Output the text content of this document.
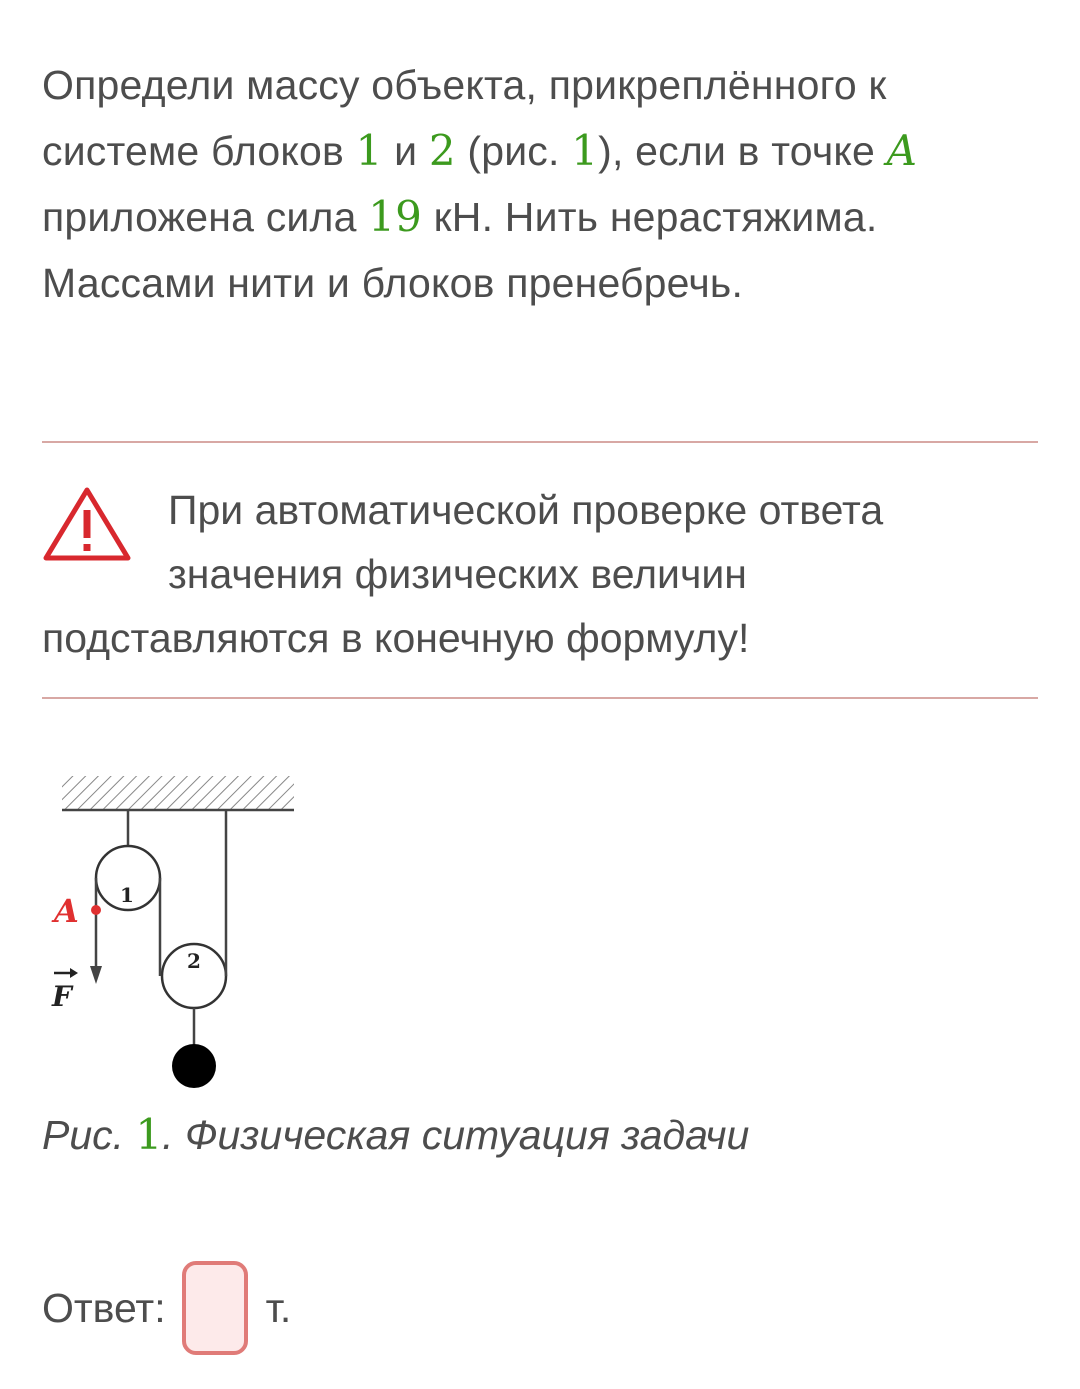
Определи массу объекта, прикреплённого к системе блоков 1 и 2 (рис. 1), если в точке A
приложена сила 19 кН. Нить нерастяжима. Массами нити и блоков пренебречь.
При автоматической проверке ответа значения физических величин подставляются в конечную формулу!
A 1
2
F
Рис. 1. Физическая ситуация задачи
Ответ: т.
